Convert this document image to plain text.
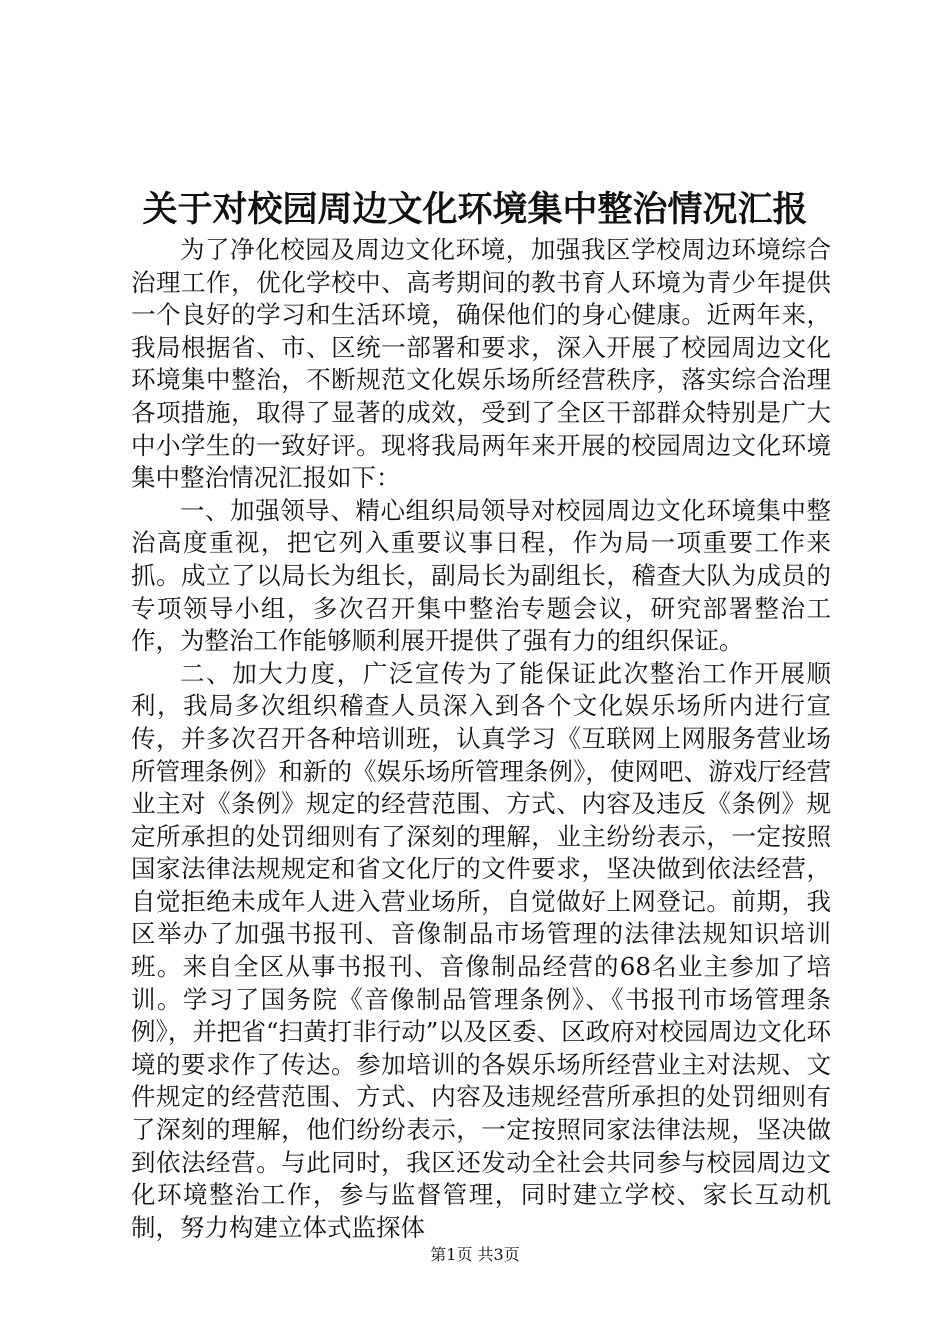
关于对校园周边文化环境集中整治情况汇报

为了净化校园及周边文化环境，加强我区学校周边环境综合治理工作，优化学校中、高考期间的教书育人环境为青少年提供一个良好的学习和生活环境，确保他们的身心健康。近两年来，我局根据省、市、区统一部署和要求，深入开展了校园周边文化环境集中整治，不断规范文化娱乐场所经营秩序，落实综合治理各项措施，取得了显著的成效，受到了全区干部群众特别是广大中小学生的一致好评。现将我局两年来开展的校园周边文化环境集中整治情况汇报如下：

一、加强领导、精心组织局领导对校园周边文化环境集中整治高度重视，把它列入重要议事日程，作为局一项重要工作来抓。成立了以局长为组长，副局长为副组长，稽查大队为成员的专项领导小组，多次召开集中整治专题会议，研究部署整治工作，为整治工作能够顺利展开提供了强有力的组织保证。

二、加大力度，广泛宣传为了能保证此次整治工作开展顺利，我局多次组织稽查人员深入到各个文化娱乐场所内进行宣传，并多次召开各种培训班，认真学习《互联网上网服务营业场所管理条例》和新的《娱乐场所管理条例》，使网吧、游戏厅经营业主对《条例》规定的经营范围、方式、内容及违反《条例》规定所承担的处罚细则有了深刻的理解，业主纷纷表示，一定按照国家法律法规规定和省文化厅的文件要求，坚决做到依法经营，自觉拒绝未成年人进入营业场所，自觉做好上网登记。前期，我区举办了加强书报刊、音像制品市场管理的法律法规知识培训班。来自全区从事书报刊、音像制品经营的68名业主参加了培训。学习了国务院《音像制品管理条例》、《书报刊市场管理条例》，并把省“扫黄打非行动”以及区委、区政府对校园周边文化环境的要求作了传达。参加培训的各娱乐场所经营业主对法规、文件规定的经营范围、方式、内容及违规经营所承担的处罚细则有了深刻的理解，他们纷纷表示，一定按照同家法律法规，坚决做到依法经营。与此同时，我区还发动全社会共同参与校园周边文化环境整治工作，参与监督管理，同时建立学校、家长互动机制，努力构建立体式监探体

第1页 共3页
